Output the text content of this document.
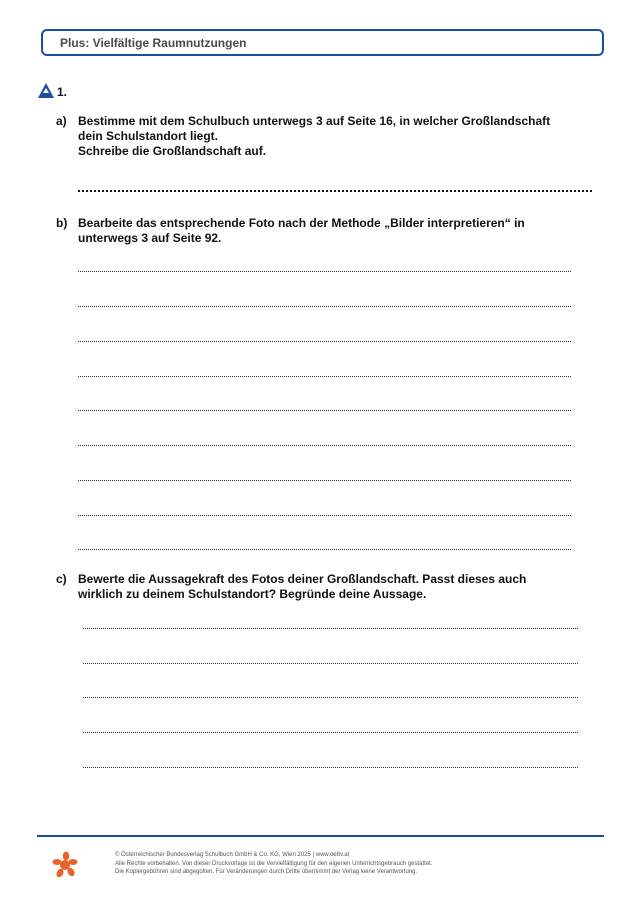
Plus: Vielfältige Raumnutzungen
1.
a) Bestimme mit dem Schulbuch unterwegs 3 auf Seite 16, in welcher Großlandschaft
dein Schulstandort liegt.
Schreibe die Großlandschaft auf.
b) Bearbeite das entsprechende Foto nach der Methode „Bilder interpretieren“ in
unterwegs 3 auf Seite 92.
c) Bewerte die Aussagekraft des Fotos deiner Großlandschaft. Passt dieses auch
wirklich zu deinem Schulstandort? Begründe deine Aussage.
© Österreichischer Bundesverlag Schulbuch GmbH & Co. KG, Wien 2025 | www.oebv.at
Alle Rechte vorbehalten. Von dieser Druckvorlage ist die Vervielfältigung für den eigenen Unterrichtsgebrauch gestattet.
Die Kopiergebühren sind abgegolten. Für Veränderungen durch Dritte übernimmt der Verlag keine Verantwortung.
